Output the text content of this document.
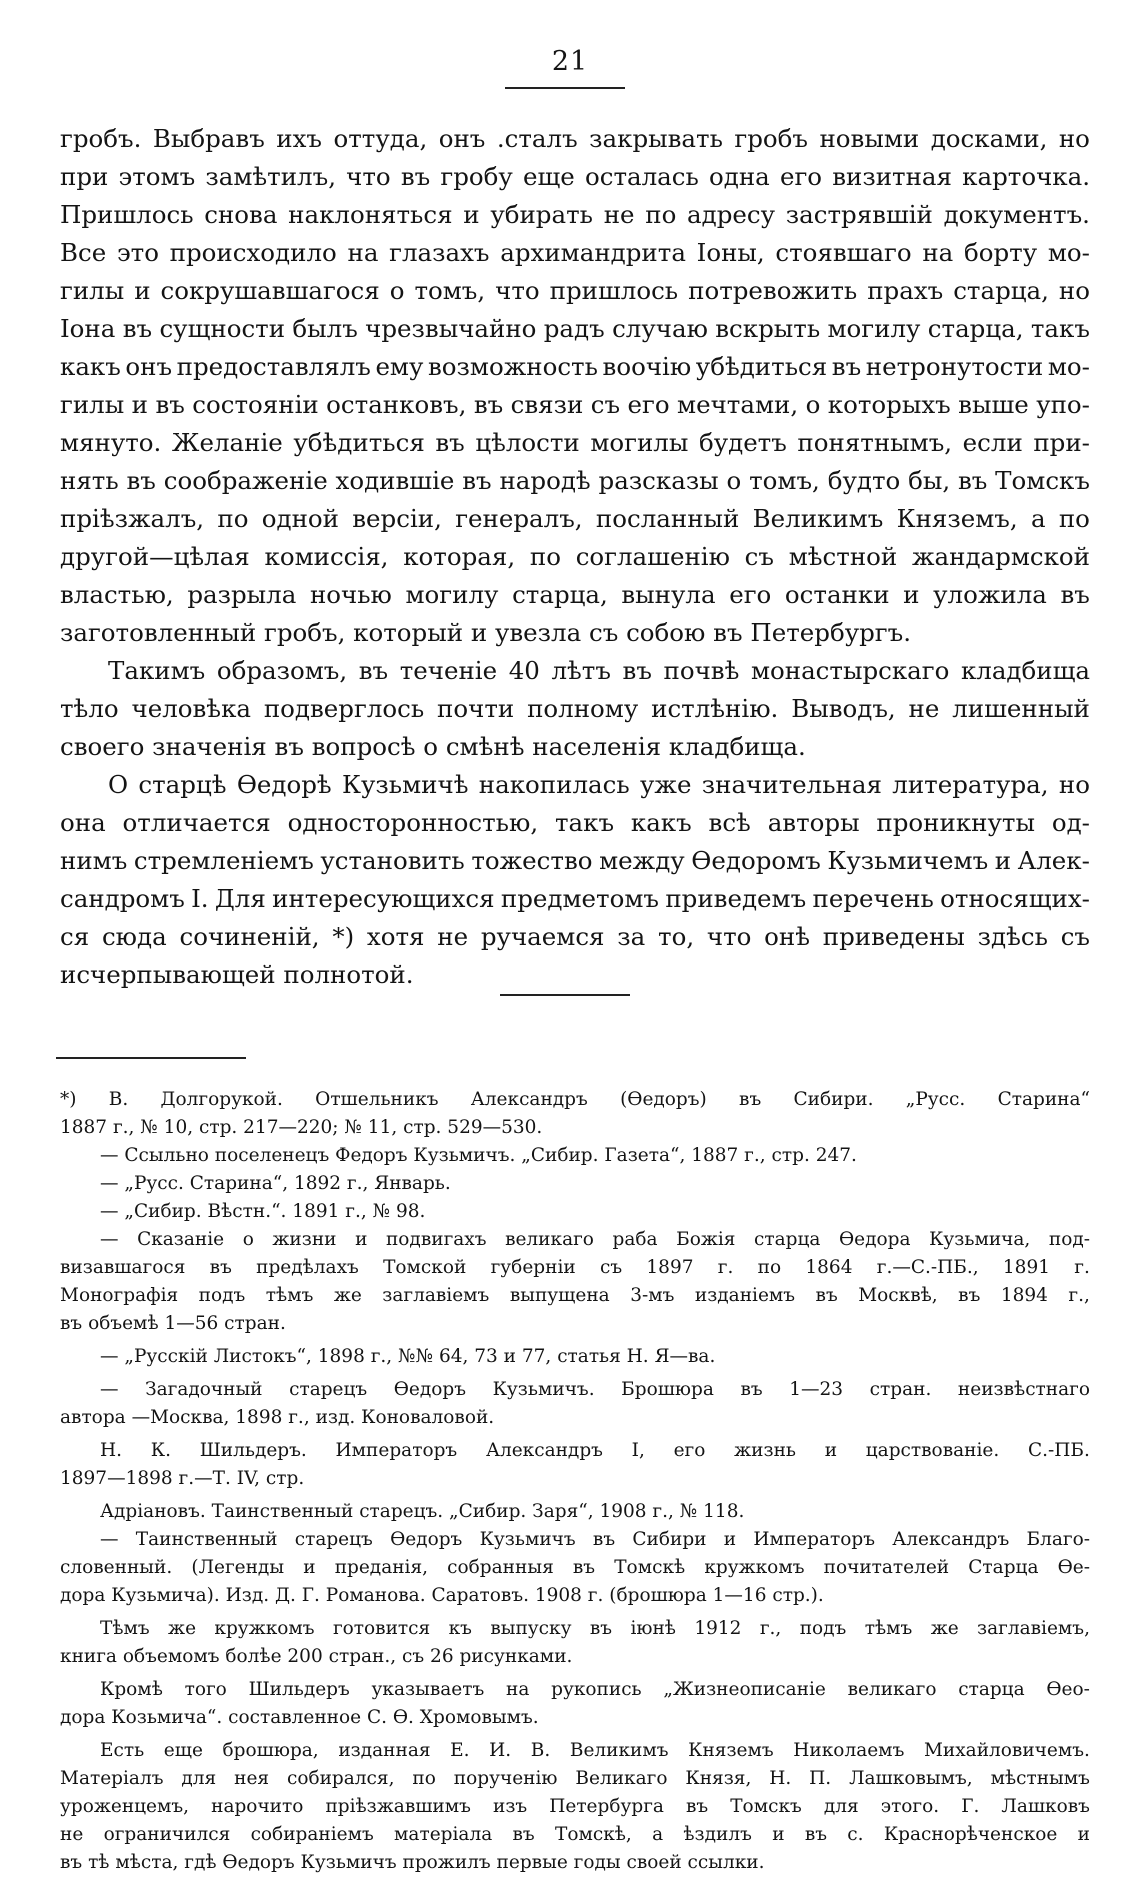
21
гробъ. Выбравъ ихъ оттуда, онъ .сталъ закрывать гробъ новыми досками, но
при этомъ замѣтилъ, что въ гробу еще осталась одна его визитная карточка.
Пришлось снова наклоняться и убирать не по адресу застрявшій документъ.
Все это происходило на глазахъ архимандрита Іоны, стоявшаго на борту мо-
гилы и сокрушавшагося о томъ, что пришлось потревожить прахъ старца, но
Іона въ сущности былъ чрезвычайно радъ случаю вскрыть могилу старца, такъ
какъ онъ предоставлялъ ему возможность воочію убѣдиться въ нетронутости мо-
гилы и въ состояніи останковъ, въ связи съ его мечтами, о которыхъ выше упо-
мянуто. Желаніе убѣдиться въ цѣлости могилы будетъ понятнымъ, если при-
нять въ соображеніе ходившіе въ народѣ разсказы о томъ, будто бы, въ Томскъ
пріѣзжалъ, по одной версіи, генералъ, посланный Великимъ Княземъ, а по
другой—цѣлая комиссія, которая, по соглашенію съ мѣстной жандармской
властью, разрыла ночью могилу старца, вынула его останки и уложила въ
заготовленный гробъ, который и увезла съ собою въ Петербургъ.
Такимъ образомъ, въ теченіе 40 лѣтъ въ почвѣ монастырскаго кладбища
тѣло человѣка подверглось почти полному истлѣнію. Выводъ, не лишенный
своего значенія въ вопросѣ о смѣнѣ населенія кладбища.
О старцѣ Ѳедорѣ Кузьмичѣ накопилась уже значительная литература, но
она отличается односторонностью, такъ какъ всѣ авторы проникнуты од-
нимъ стремленіемъ установить тожество между Ѳедоромъ Кузьмичемъ и Алек-
сандромъ I. Для интересующихся предметомъ приведемъ перечень относящих-
ся сюда сочиненій, *) хотя не ручаемся за то, что онѣ приведены здѣсь съ
исчерпывающей полнотой.
*) В. Долгорукой. Отшельникъ Александръ (Ѳедоръ) въ Сибири. „Русс. Старина“
1887 г., № 10, стр. 217—220; № 11, стр. 529—530.
— Ссыльно поселенецъ Федоръ Кузьмичъ. „Сибир. Газета“, 1887 г., стр. 247.
— „Русс. Старина“, 1892 г., Январь.
— „Сибир. Вѣстн.“. 1891 г., № 98.
— Сказаніе о жизни и подвигахъ великаго раба Божія старца Ѳедора Кузьмича, под-
визавшагося въ предѣлахъ Томской губерніи съ 1897 г. по 1864 г.—С.-ПБ., 1891 г.
Монографія подъ тѣмъ же заглавіемъ выпущена 3-мъ изданіемъ въ Москвѣ, въ 1894 г.,
въ объемѣ 1—56 стран.
— „Русскій Листокъ“, 1898 г., №№ 64, 73 и 77, статья Н. Я—ва.
— Загадочный старецъ Ѳедоръ Кузьмичъ. Брошюра въ 1—23 стран. неизвѣстнаго
автора —Москва, 1898 г., изд. Коноваловой.
Н. К. Шильдеръ. Императоръ Александръ I, его жизнь и царствованіе. С.-ПБ.
1897—1898 г.—Т. IV, стр.
Адріановъ. Таинственный старецъ. „Сибир. Заря“, 1908 г., № 118.
— Таинственный старецъ Ѳедоръ Кузьмичъ въ Сибири и Императоръ Александръ Благо-
словенный. (Легенды и преданія, собранныя въ Томскѣ кружкомъ почитателей Старца Ѳе-
дора Кузьмича). Изд. Д. Г. Романова. Саратовъ. 1908 г. (брошюра 1—16 стр.).
Тѣмъ же кружкомъ готовится къ выпуску въ іюнѣ 1912 г., подъ тѣмъ же заглавіемъ,
книга объемомъ болѣе 200 стран., съ 26 рисунками.
Кромѣ того Шильдеръ указываетъ на рукопись „Жизнеописаніе великаго старца Ѳео-
дора Козьмича“. составленное С. Ѳ. Хромовымъ.
Есть еще брошюра, изданная Е. И. В. Великимъ Княземъ Николаемъ Михайловичемъ.
Матеріалъ для нея собирался, по порученію Великаго Князя, Н. П. Лашковымъ, мѣстнымъ
уроженцемъ, нарочито пріѣзжавшимъ изъ Петербурга въ Томскъ для этого. Г. Лашковъ
не ограничился собираніемъ матеріала въ Томскѣ, а ѣздилъ и въ с. Краснорѣченское и
въ тѣ мѣста, гдѣ Ѳедоръ Кузьмичъ прожилъ первые годы своей ссылки.
